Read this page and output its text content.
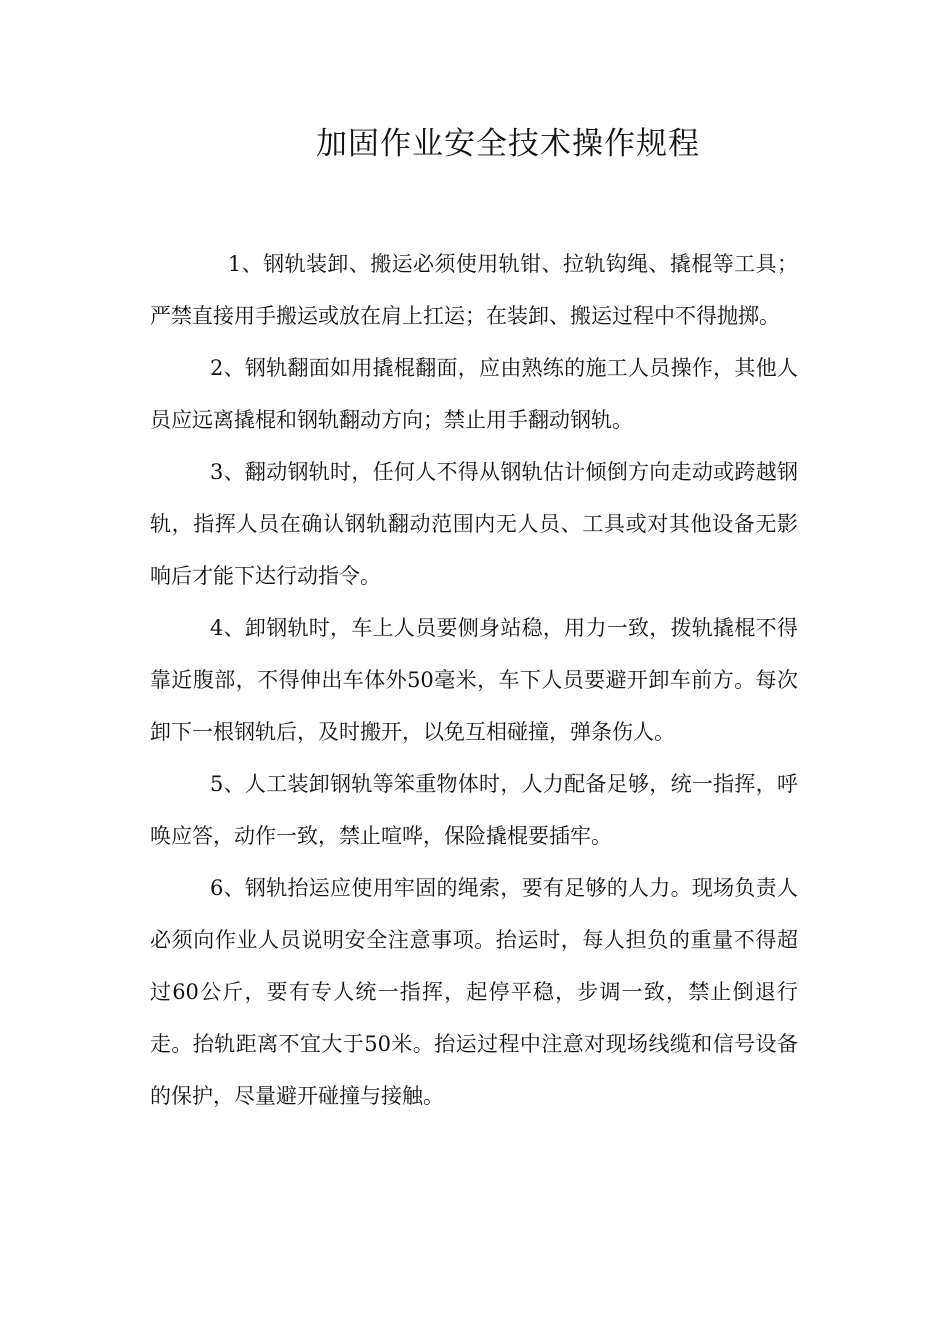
加固作业安全技术操作规程

1、钢轨装卸、搬运必须使用轨钳、拉轨钩绳、撬棍等工具；严禁直接用手搬运或放在肩上扛运；在装卸、搬运过程中不得抛掷。

2、钢轨翻面如用撬棍翻面，应由熟练的施工人员操作，其他人员应远离撬棍和钢轨翻动方向；禁止用手翻动钢轨。

3、翻动钢轨时，任何人不得从钢轨估计倾倒方向走动或跨越钢轨，指挥人员在确认钢轨翻动范围内无人员、工具或对其他设备无影响后才能下达行动指令。

4、卸钢轨时，车上人员要侧身站稳，用力一致，拨轨撬棍不得靠近腹部，不得伸出车体外50毫米，车下人员要避开卸车前方。每次卸下一根钢轨后，及时搬开，以免互相碰撞，弹条伤人。

5、人工装卸钢轨等笨重物体时，人力配备足够，统一指挥，呼唤应答，动作一致，禁止喧哗，保险撬棍要插牢。

6、钢轨抬运应使用牢固的绳索，要有足够的人力。现场负责人必须向作业人员说明安全注意事项。抬运时，每人担负的重量不得超过60公斤，要有专人统一指挥，起停平稳，步调一致，禁止倒退行走。抬轨距离不宜大于50米。抬运过程中注意对现场线缆和信号设备的保护，尽量避开碰撞与接触。
